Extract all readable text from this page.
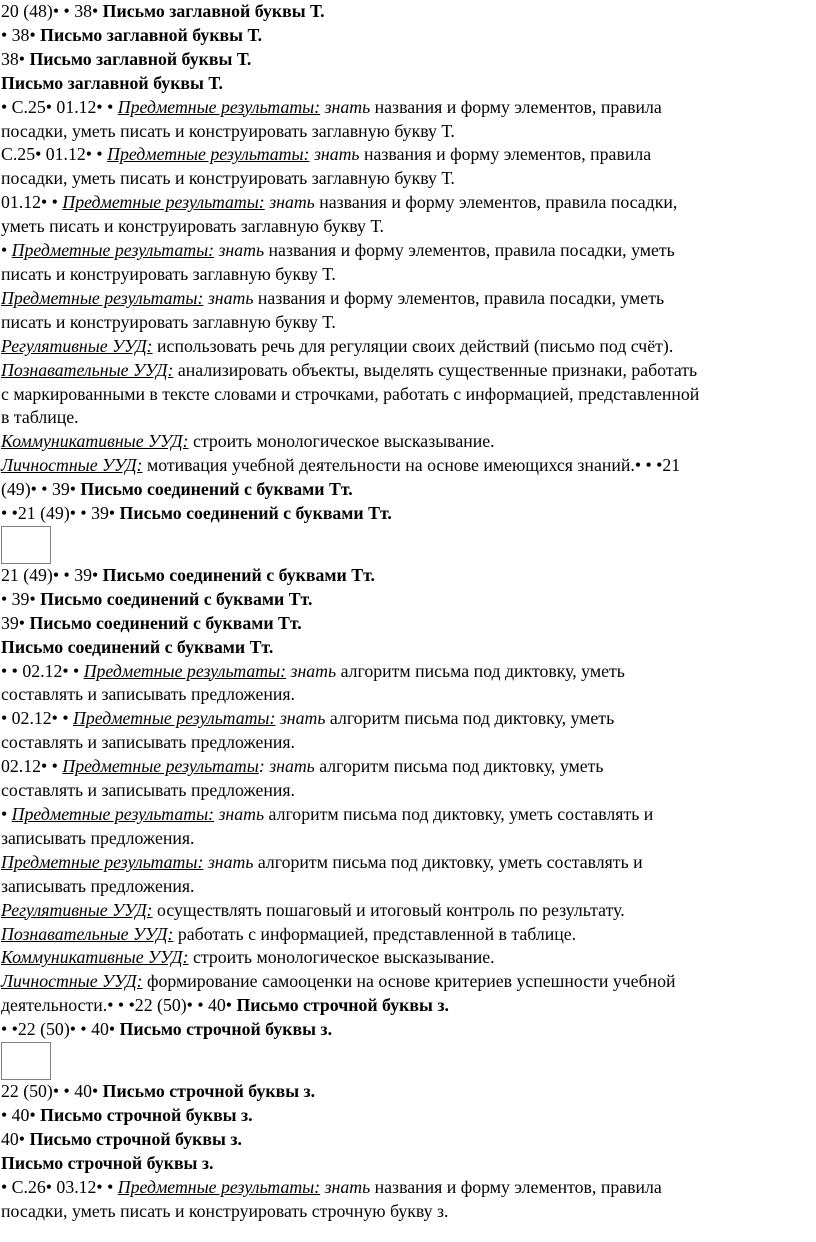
20 (48)• • 38• Письмо заглавной буквы Т.
• 38• Письмо заглавной буквы Т.
38• Письмо заглавной буквы Т.
Письмо заглавной буквы Т.
• С.25• 01.12• • Предметные результаты: знать названия и форму элементов, правила
посадки, уметь писать и конструировать заглавную букву Т.
С.25• 01.12• • Предметные результаты: знать названия и форму элементов, правила
посадки, уметь писать и конструировать заглавную букву Т.
01.12• • Предметные результаты: знать названия и форму элементов, правила посадки,
уметь писать и конструировать заглавную букву Т.
• Предметные результаты: знать названия и форму элементов, правила посадки, уметь
писать и конструировать заглавную букву Т.
Предметные результаты: знать названия и форму элементов, правила посадки, уметь
писать и конструировать заглавную букву Т.
Регулятивные УУД: использовать речь для регуляции своих действий (письмо под счёт).
Познавательные УУД: анализировать объекты, выделять существенные признаки, работать
с маркированными в тексте словами и строчками, работать с информацией, представленной
в таблице.
Коммуникативные УУД: строить монологическое высказывание.
Личностные УУД: мотивация учебной деятельности на основе имеющихся знаний.• • •21
(49)• • 39• Письмо соединений с буквами Тт.
• •21 (49)• • 39• Письмо соединений с буквами Тт.
21 (49)• • 39• Письмо соединений с буквами Тт.
• 39• Письмо соединений с буквами Тт.
39• Письмо соединений с буквами Тт.
Письмо соединений с буквами Тт.
• • 02.12• • Предметные результаты: знать алгоритм письма под диктовку, уметь
составлять и записывать предложения.
• 02.12• • Предметные результаты: знать алгоритм письма под диктовку, уметь
составлять и записывать предложения.
02.12• • Предметные результаты: знать алгоритм письма под диктовку, уметь
составлять и записывать предложения.
• Предметные результаты: знать алгоритм письма под диктовку, уметь составлять и
записывать предложения.
Предметные результаты: знать алгоритм письма под диктовку, уметь составлять и
записывать предложения.
Регулятивные УУД: осуществлять пошаговый и итоговый контроль по результату.
Познавательные УУД: работать с информацией, представленной в таблице.
Коммуникативные УУД: строить монологическое высказывание.
Личностные УУД: формирование самооценки на основе критериев успешности учебной
деятельности.• • •22 (50)• • 40• Письмо строчной буквы з.
• •22 (50)• • 40• Письмо строчной буквы з.
22 (50)• • 40• Письмо строчной буквы з.
• 40• Письмо строчной буквы з.
40• Письмо строчной буквы з.
Письмо строчной буквы з.
• С.26• 03.12• • Предметные результаты: знать названия и форму элементов, правила
посадки, уметь писать и конструировать строчную букву з.
